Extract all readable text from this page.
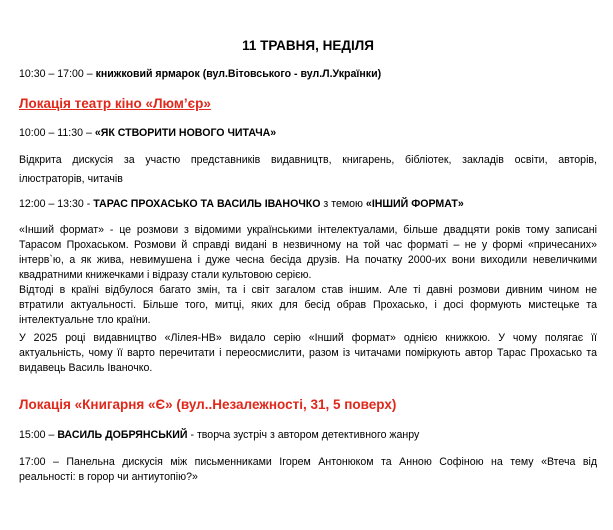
11 ТРАВНЯ, НЕДІЛЯ
10:30 – 17:00 – книжковий ярмарок (вул.Вітовського - вул.Л.Українки)
Локація театр кіно «Люм’єр»
10:00 – 11:30 – «ЯК СТВОРИТИ НОВОГО ЧИТАЧА»
Відкрита дискусія за участю представників видавництв, книгарень, бібліотек, закладів освіти, авторів,
ілюстраторів, читачів
12:00 – 13:30 - ТАРАС ПРОХАСЬКО ТА ВАСИЛЬ ІВАНОЧКО з темою «ІНШИЙ ФОРМАТ»
«Інший формат» - це розмови з відомими українськими інтелектуалами, більше двадцяти років тому записані
Тарасом Прохаськом. Розмови й справді видані в незвичному на той час форматі – не у формі «причесаних»
інтерв`ю, а як жива, невимушена і дуже чесна бесіда друзів. На початку 2000-их вони виходили невеличкими
квадратними книжечками і відразу стали культовою серією.
Відтоді в країні відбулося багато змін, та і світ загалом став іншим. Але ті давні розмови дивним чином не
втратили актуальності. Більше того, митці, яких для бесід обрав Прохасько, і досі формують мистецьке та
інтелектуальне тло країни.
У 2025 році видавництво «Лілея-НВ» видало серію «Інший формат» однією книжкою. У чому полягає її
актуальність, чому її варто перечитати і переосмислити, разом із читачами поміркують автор Тарас Прохасько та
видавець Василь Іваночко.
Локація «Книгарня «Є» (вул..Незалежності, 31, 5 поверх)
15:00 – ВАСИЛЬ ДОБРЯНСЬКИЙ - творча зустріч з автором детективного жанру
17:00 – Панельна дискусія між письменниками Ігорем Антонюком та Анною Софіною на тему «Втеча від
реальності: в горор чи антиутопію?»
